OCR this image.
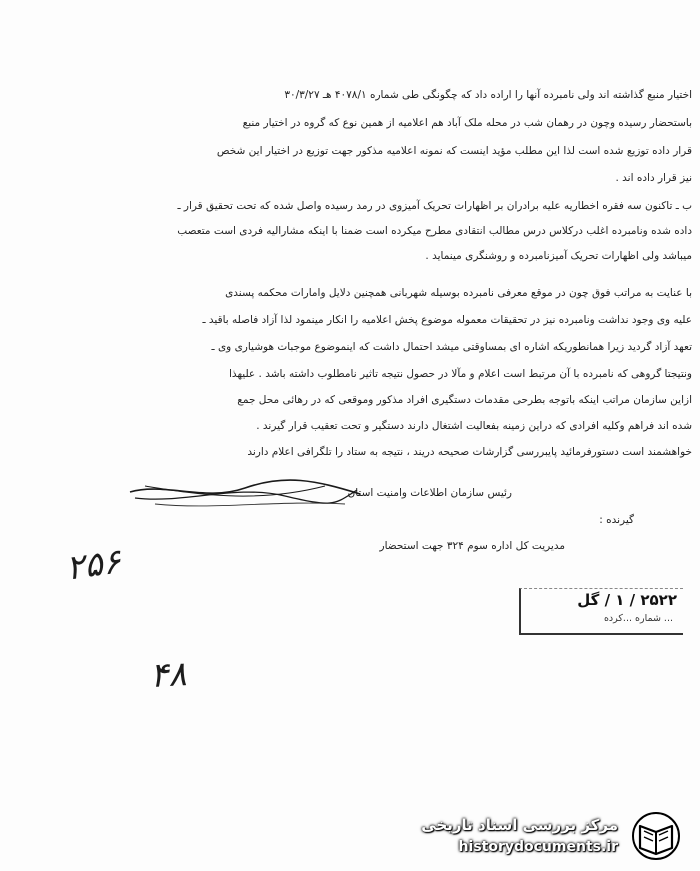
اختیار منبع گذاشته اند ولی نامبرده آنها را اراده داد که چگونگی طی شماره ۴۰۷۸/۱ هـ ۳۰/۳/۲۷
باستحضار رسیده وچون در رهمان شب در محله ملک آباد هم اعلامیه از همین نوع که گروه در اختیار منبع
قرار داده توزیع شده است لذا این مطلب مؤید اینست که نمونه اعلامیه مذکور جهت توزیع در اختیار این شخص
نیز قرار داده اند .
ب ـ تاکنون سه فقره اخطاریه علیه برادران بر اظهارات تحریک آمیزوی در رمد رسیده واصل شده که تحت تحقیق قرار ـ
داده شده ونامبرده اغلب درکلاس درس مطالب انتقادی مطرح میکرده است ضمنا با اینکه مشارالیه فردی است متعصب
میباشد ولی اظهارات تحریک آمیزنامبرده و روشنگری مینماید .
با عنایت به مراتب فوق چون در موقع معرفی نامبرده بوسیله شهربانی همچنین دلایل وامارات محکمه پسندی
علیه وی وجود نداشت ونامبرده نیز در تحقیقات معموله موضوع پخش اعلامیه را انکار مینمود لذا آزاد فاصله باقید ـ
تعهد آزاد گردید زیرا همانطوریکه اشاره ای بمساوقتی میشد احتمال داشت که اینموضوع موجبات هوشیاری وی ـ
ونتیجتا گروهی که نامبرده با آن مرتبط است اعلام و مآلا در حصول نتیجه تاثیر نامطلوب داشته باشد . علیهذا
ازاین سازمان مراتب اینکه باتوجه بطرحی مقدمات دستگیری افراد مذکور وموقعی که در رهائی محل جمع
شده اند فراهم وکلیه افرادی که دراین زمینه بفعالیت اشتغال دارند دستگیر و تحت تعقیب قرار گیرند .
خواهشمند است دستورفرمائید پایبررسی گزارشات صحیحه دریند ، نتیجه به ستاد را تلگرافی اعلام دارند
رئیس سازمان اطلاعات وامنیت استان
گیرنده :
مدیریت کل اداره سوم ۳۲۴ جهت استحضار
۲۵۶
۴۸
۲۵۲۲ / ۱ / گل
... شماره ...کرده
مرکز بررسی اسناد تاریخی
historydocuments.ir
